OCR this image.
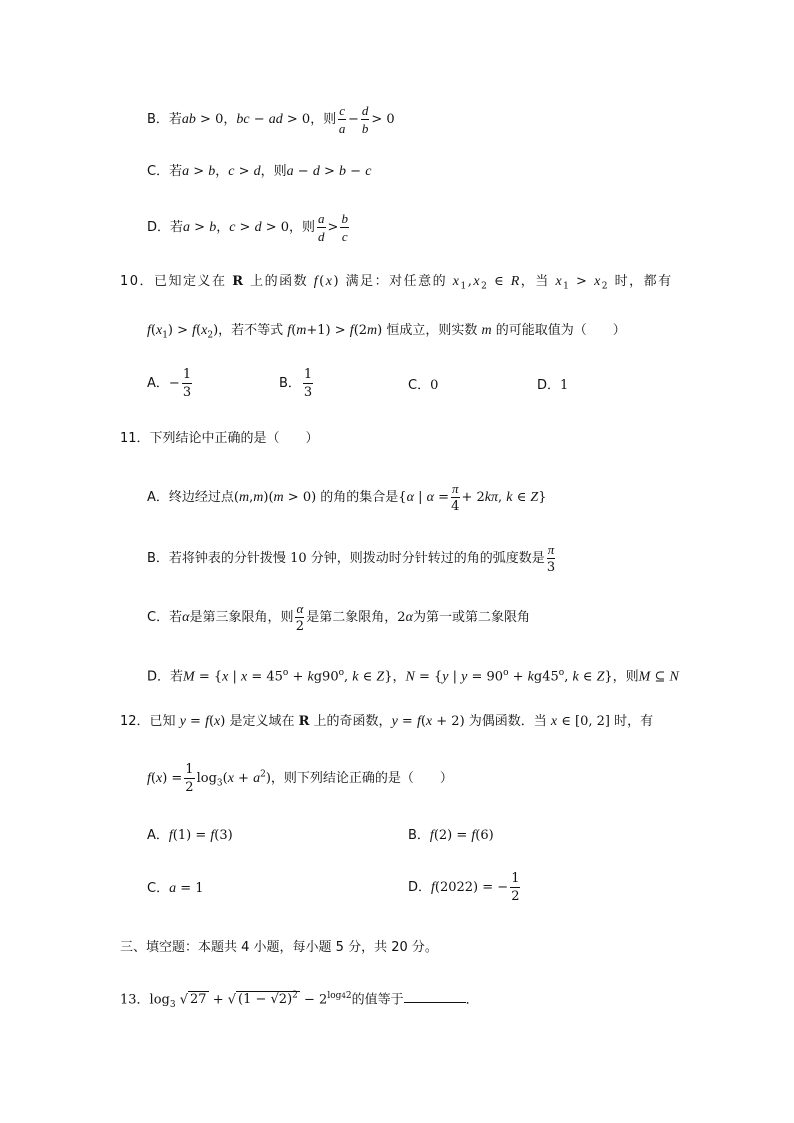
B．若ab > 0，bc − ad > 0，则 $\frac{c}{a} - \frac{d}{b} > 0$
C．若a > b，c > d，则a − d > b − c
D．若a > b，c > d > 0，则 $\frac{a}{d} > \frac{b}{c}$
10．已知定义在 R 上的函数 f(x) 满足：对任意的 $x_1,x_2$ ∈ R，当 $x_1 > x_2$ 时，都有
$f(x_1) > f(x_2)$，若不等式 f(m+1) > f(2m) 恒成立，则实数 m 的可能取值为（　　）
A．− $\frac{1}{3}$	B． $\frac{1}{3}$	C．0	D．1
11．下列结论中正确的是（　　）
A．终边经过点(m,m)(m > 0) 的角的集合是{α | $\alpha = \frac{\pi}{4} + 2k\pi$, k ∈ Z}
B．若将钟表的分针拨慢 10 分钟，则拨动时分针转过的角的弧度数是 $\frac{\pi}{3}$
C．若α是第三象限角，则 $\frac{\alpha}{2}$ 是第二象限角，2α为第一或第二象限角
D．若M = {x | $x = 45^o + kg90^o$, k ∈ Z}，N = {y | $y = 90^o + kg45^o$, k ∈ Z}，则M ⊆ N
12．已知 y = f(x) 是定义域在 R 上的奇函数，y = f(x + 2) 为偶函数．当 x ∈ [0, 2] 时，有
$f(x) = \frac{1}{2} \log_3(x + a^2)$，则下列结论正确的是（　　）
A．f(1) = f(3)	B．f(2) = f(6)
C．a = 1	D．f(2022) = − $\frac{1}{2}$
三、填空题：本题共 4 小题，每小题 5 分，共 20 分。
13．$\log_3$ √ 27 + √ $(1 - √2)^2 - 2^{log42}$的值等于	．
